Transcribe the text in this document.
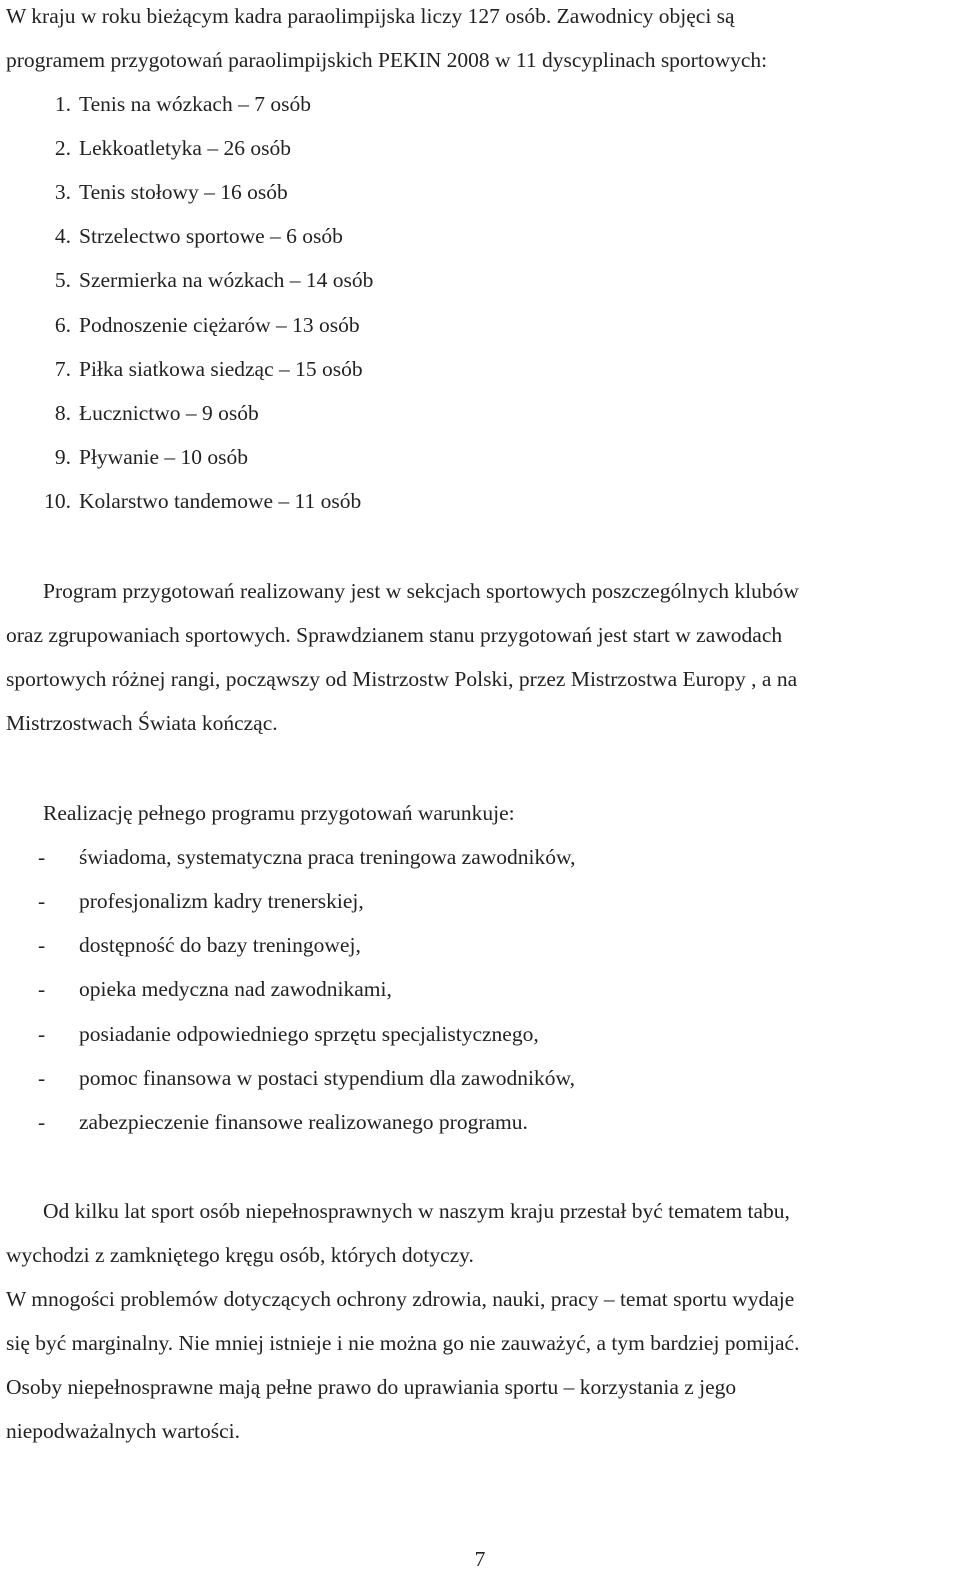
W kraju w roku bieżącym kadra paraolimpijska liczy 127 osób. Zawodnicy objęci są
programem przygotowań paraolimpijskich PEKIN 2008 w 11 dyscyplinach sportowych:
1. Tenis na wózkach – 7 osób
2. Lekkoatletyka – 26 osób
3. Tenis stołowy – 16 osób
4. Strzelectwo sportowe – 6 osób
5. Szermierka na wózkach – 14 osób
6. Podnoszenie ciężarów – 13 osób
7. Piłka siatkowa siedząc – 15 osób
8. Łucznictwo – 9 osób
9. Pływanie – 10 osób
10. Kolarstwo tandemowe – 11 osób
Program przygotowań realizowany jest w sekcjach sportowych poszczególnych klubów
oraz zgrupowaniach sportowych. Sprawdzianem stanu przygotowań jest start w zawodach
sportowych różnej rangi, począwszy od Mistrzostw Polski, przez Mistrzostwa Europy , a na
Mistrzostwach Świata kończąc.
Realizację pełnego programu przygotowań warunkuje:
- świadoma, systematyczna praca treningowa zawodników,
- profesjonalizm kadry trenerskiej,
- dostępność do bazy treningowej,
- opieka medyczna nad zawodnikami,
- posiadanie odpowiedniego sprzętu specjalistycznego,
- pomoc finansowa w postaci stypendium dla zawodników,
- zabezpieczenie finansowe realizowanego programu.
Od kilku lat sport osób niepełnosprawnych w naszym kraju przestał być tematem tabu,
wychodzi z zamkniętego kręgu osób, których dotyczy.
W mnogości problemów dotyczących ochrony zdrowia, nauki, pracy – temat sportu wydaje
się być marginalny. Nie mniej istnieje i nie można go nie zauważyć, a tym bardziej pomijać.
Osoby niepełnosprawne mają pełne prawo do uprawiania sportu – korzystania z jego
niepodważalnych wartości.
7
